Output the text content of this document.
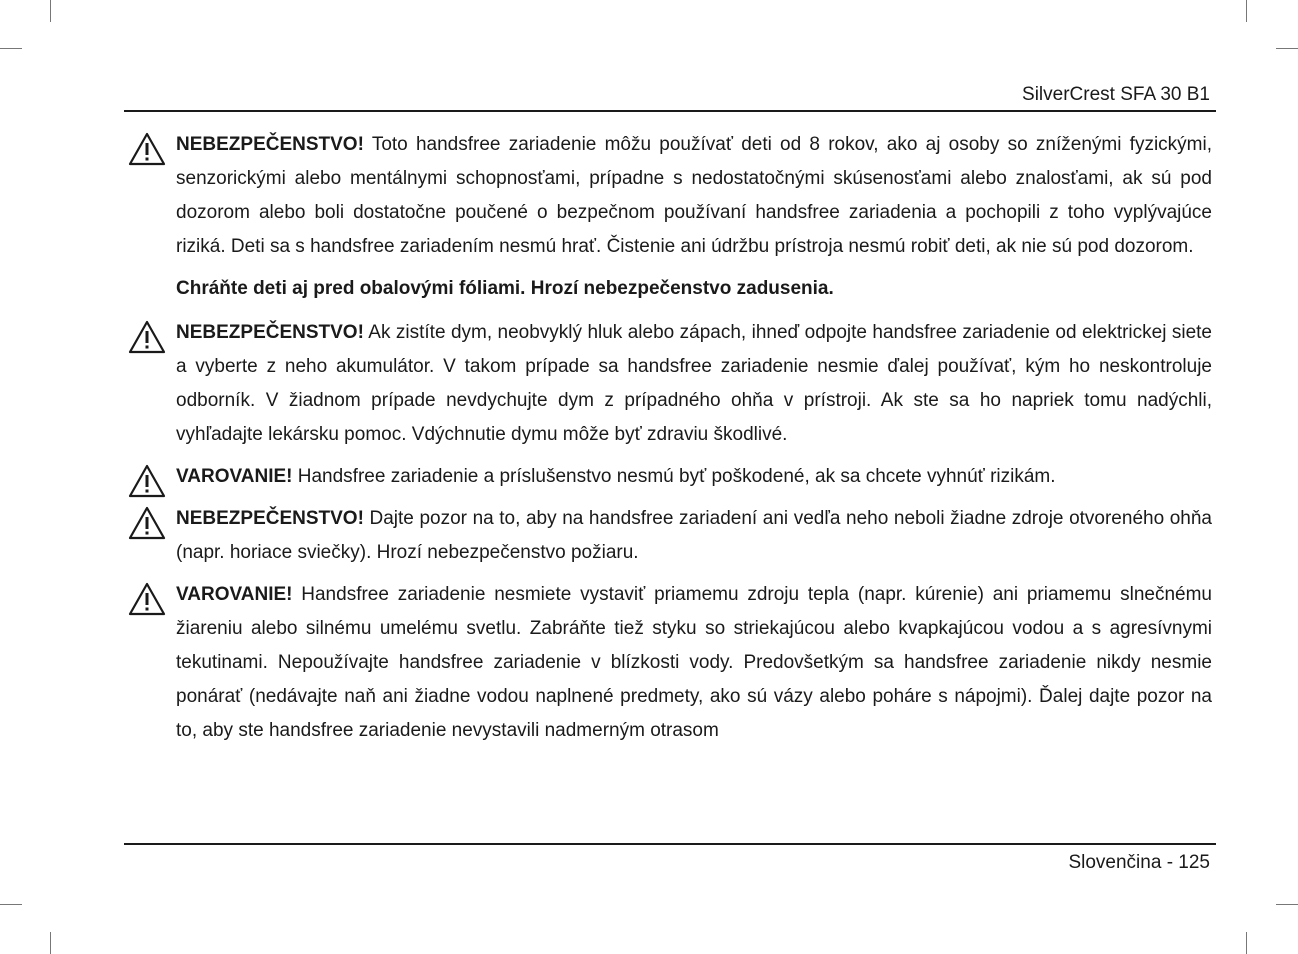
SilverCrest SFA 30 B1

NEBEZPEČENSTVO! Toto handsfree zariadenie môžu používať deti od 8 rokov, ako aj osoby so zníženými fyzickými, senzorickými alebo mentálnymi schopnosťami, prípadne s nedostatočnými skúsenosťami alebo znalosťami, ak sú pod dozorom alebo boli dostatočne poučené o bezpečnom používaní handsfree zariadenia a pochopili z toho vyplývajúce riziká. Deti sa s handsfree zariadením nesmú hrať. Čistenie ani údržbu prístroja nesmú robiť deti, ak nie sú pod dozorom.

Chráňte deti aj pred obalovými fóliami. Hrozí nebezpečenstvo zadusenia.

NEBEZPEČENSTVO! Ak zistíte dym, neobvyklý hluk alebo zápach, ihneď odpojte handsfree zariadenie od elektrickej siete a vyberte z neho akumulátor. V takom prípade sa handsfree zariadenie nesmie ďalej používať, kým ho neskontroluje odborník. V žiadnom prípade nevdychujte dym z prípadného ohňa v prístroji. Ak ste sa ho napriek tomu nadýchli, vyhľadajte lekársku pomoc. Vdýchnutie dymu môže byť zdraviu škodlivé.

VAROVANIE! Handsfree zariadenie a príslušenstvo nesmú byť poškodené, ak sa chcete vyhnúť rizikám.

NEBEZPEČENSTVO! Dajte pozor na to, aby na handsfree zariadení ani vedľa neho neboli žiadne zdroje otvoreného ohňa (napr. horiace sviečky). Hrozí nebezpečenstvo požiaru.

VAROVANIE! Handsfree zariadenie nesmiete vystaviť priamemu zdroju tepla (napr. kúrenie) ani priamemu slnečnému žiareniu alebo silnému umelému svetlu. Zabráňte tiež styku so striekajúcou alebo kvapkajúcou vodou a s agresívnymi tekutinami. Nepoužívajte handsfree zariadenie v blízkosti vody. Predovšetkým sa handsfree zariadenie nikdy nesmie ponárať (nedávajte naň ani žiadne vodou naplnené predmety, ako sú vázy alebo poháre s nápojmi). Ďalej dajte pozor na to, aby ste handsfree zariadenie nevystavili nadmerným otrasom

Slovenčina - 125
